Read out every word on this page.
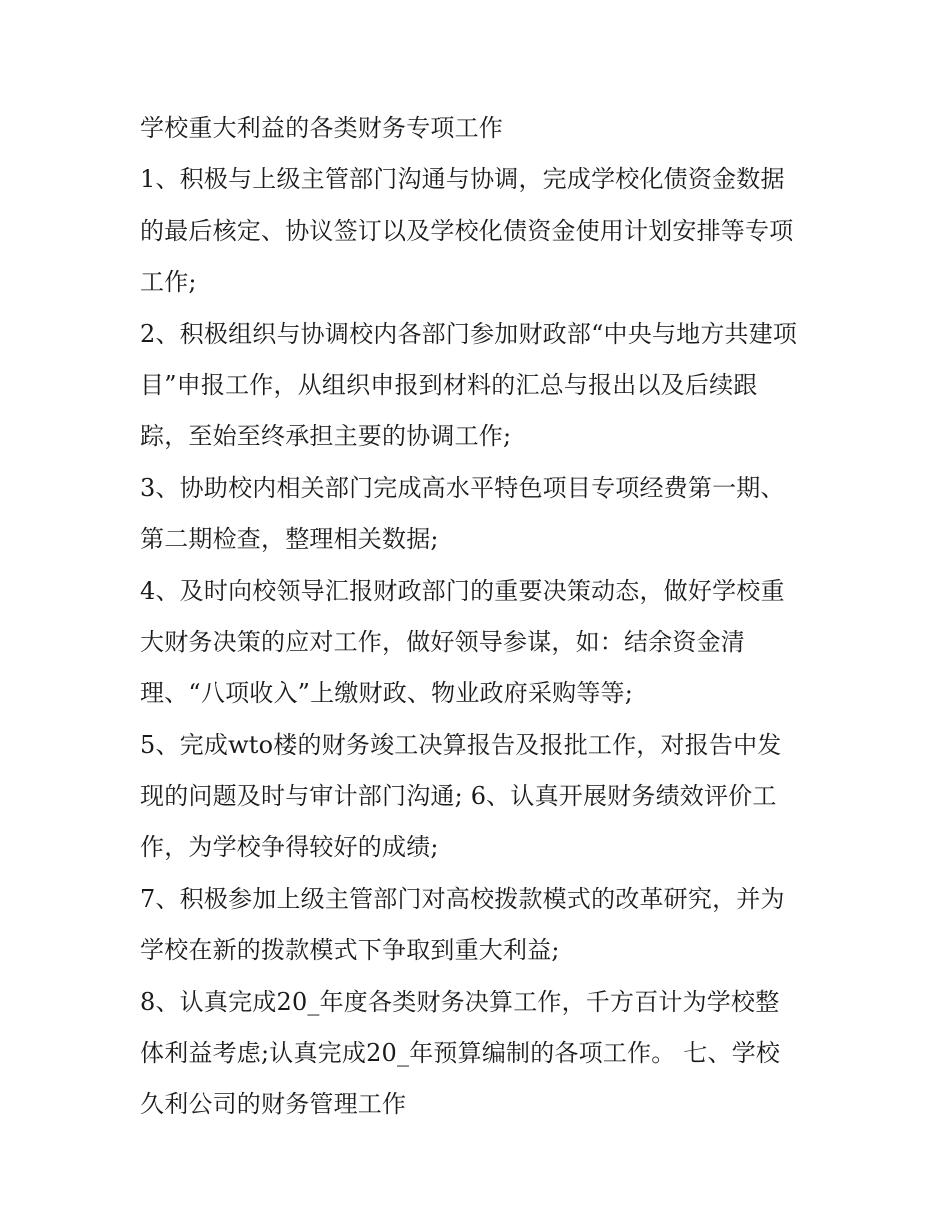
学校重大利益的各类财务专项工作
1、积极与上级主管部门沟通与协调，完成学校化债资金数据
的最后核定、协议签订以及学校化债资金使用计划安排等专项
工作;
2、积极组织与协调校内各部门参加财政部“中央与地方共建项
目”申报工作，从组织申报到材料的汇总与报出以及后续跟
踪，至始至终承担主要的协调工作;
3、协助校内相关部门完成高水平特色项目专项经费第一期、
第二期检查，整理相关数据;
4、及时向校领导汇报财政部门的重要决策动态，做好学校重
大财务决策的应对工作，做好领导参谋，如：结余资金清
理、“八项收入”上缴财政、物业政府采购等等;
5、完成wto楼的财务竣工决算报告及报批工作，对报告中发
现的问题及时与审计部门沟通; 6、认真开展财务绩效评价工
作，为学校争得较好的成绩;
7、积极参加上级主管部门对高校拨款模式的改革研究，并为
学校在新的拨款模式下争取到重大利益;
8、认真完成20_年度各类财务决算工作，千方百计为学校整
体利益考虑;认真完成20_年预算编制的各项工作。 七、学校
久利公司的财务管理工作
